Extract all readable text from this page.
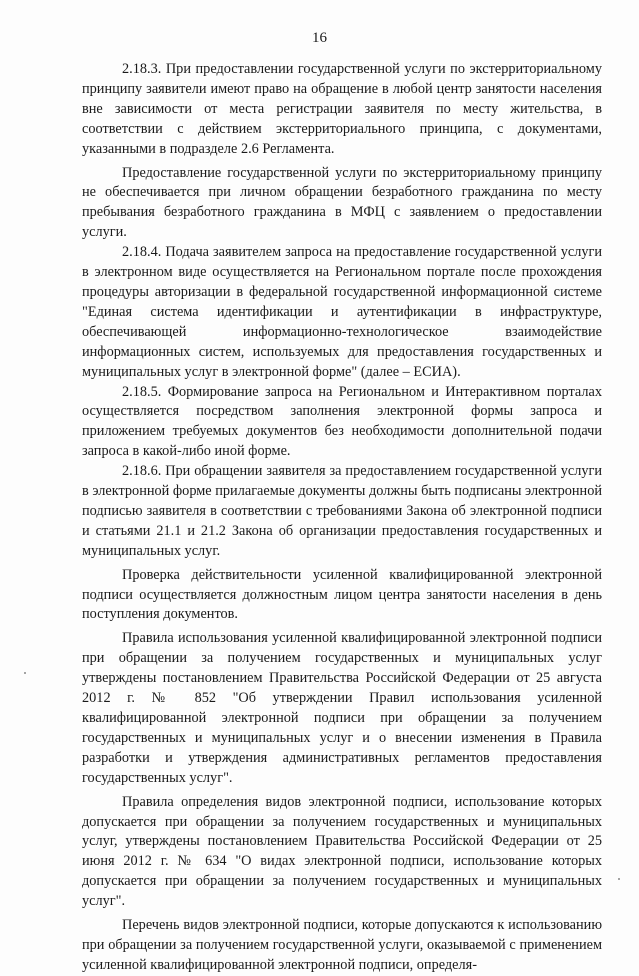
16

2.18.3. При предоставлении государственной услуги по экстерриториальному принципу заявители имеют право на обращение в любой центр занятости населения вне зависимости от места регистрации заявителя по месту жительства, в соответствии с действием экстерриториального принципа, с документами, указанными в подразделе 2.6 Регламента.

Предоставление государственной услуги по экстерриториальному принципу не обеспечивается при личном обращении безработного гражданина по месту пребывания безработного гражданина в МФЦ с заявлением о предоставлении услуги.

2.18.4. Подача заявителем запроса на предоставление государственной услуги в электронном виде осуществляется на Региональном портале после прохождения процедуры авторизации в федеральной государственной информационной системе "Единая система идентификации и аутентификации в инфраструктуре, обеспечивающей информационно-технологическое взаимодействие информационных систем, используемых для предоставления государственных и муниципальных услуг в электронной форме" (далее – ЕСИА).

2.18.5. Формирование запроса на Региональном и Интерактивном порталах осуществляется посредством заполнения электронной формы запроса и приложением требуемых документов без необходимости дополнительной подачи запроса в какой-либо иной форме.

2.18.6. При обращении заявителя за предоставлением государственной услуги в электронной форме прилагаемые документы должны быть подписаны электронной подписью заявителя в соответствии с требованиями Закона об электронной подписи и статьями 21.1 и 21.2 Закона об организации предоставления государственных и муниципальных услуг.

Проверка действительности усиленной квалифицированной электронной подписи осуществляется должностным лицом центра занятости населения в день поступления документов.

Правила использования усиленной квалифицированной электронной подписи при обращении за получением государственных и муниципальных услуг утверждены постановлением Правительства Российской Федерации от 25 августа 2012 г. № 852 "Об утверждении Правил использования усиленной квалифицированной электронной подписи при обращении за получением государственных и муниципальных услуг и о внесении изменения в Правила разработки и утверждения административных регламентов предоставления государственных услуг".

Правила определения видов электронной подписи, использование которых допускается при обращении за получением государственных и муниципальных услуг, утверждены постановлением Правительства Российской Федерации от 25 июня 2012 г. № 634 "О видах электронной подписи, использование которых допускается при обращении за получением государственных и муниципальных услуг".

Перечень видов электронной подписи, которые допускаются к использованию при обращении за получением государственной услуги, оказываемой с применением усиленной квалифицированной электронной подписи, определя-
